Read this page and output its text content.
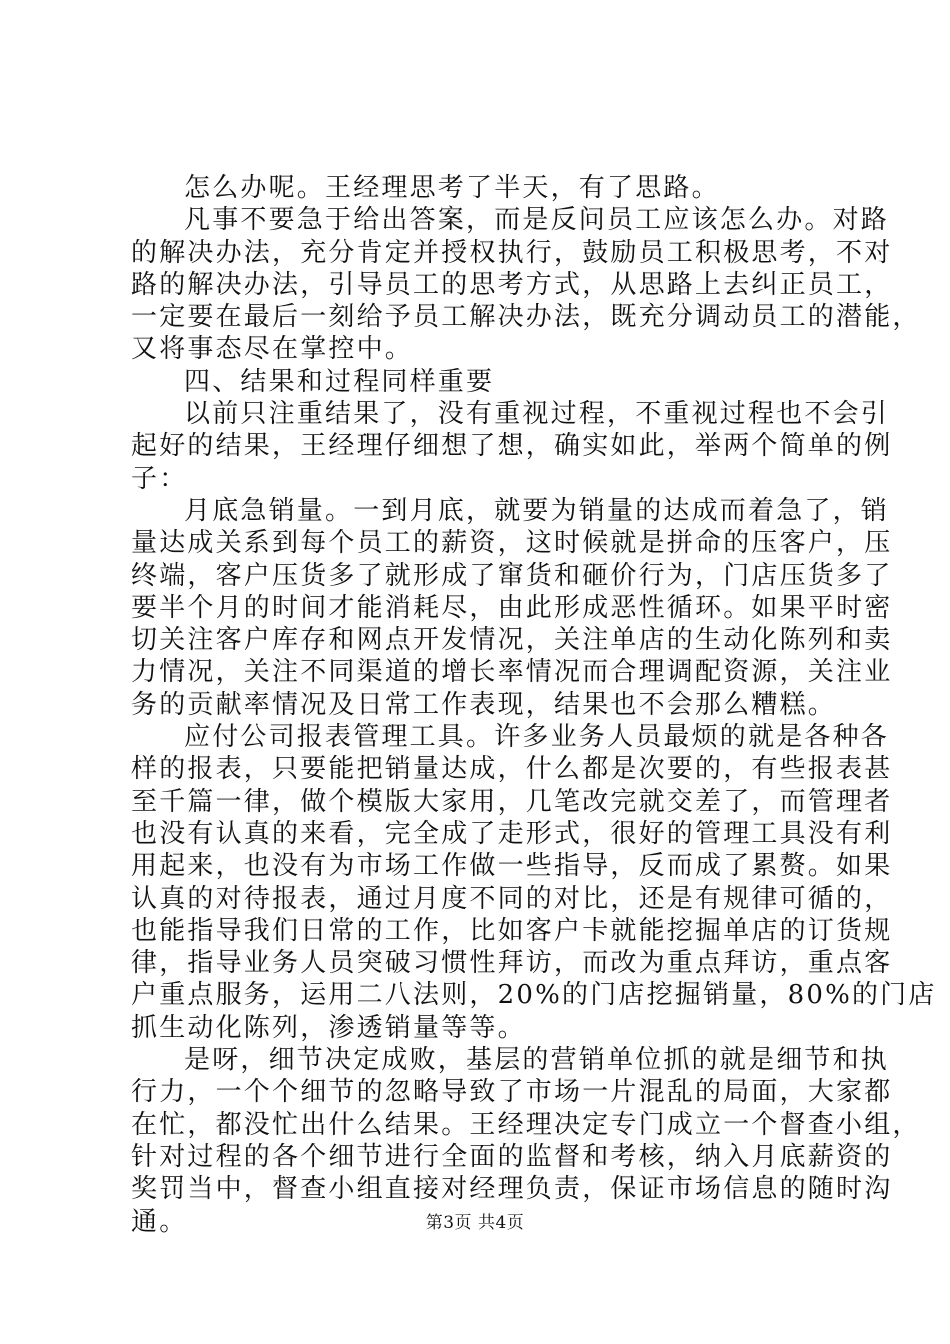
怎么办呢。王经理思考了半天，有了思路。
凡事不要急于给出答案，而是反问员工应该怎么办。对路
的解决办法，充分肯定并授权执行，鼓励员工积极思考，不对
路的解决办法，引导员工的思考方式，从思路上去纠正员工，
一定要在最后一刻给予员工解决办法，既充分调动员工的潜能，
又将事态尽在掌控中。
四、结果和过程同样重要
以前只注重结果了，没有重视过程，不重视过程也不会引
起好的结果，王经理仔细想了想，确实如此，举两个简单的例
子：
月底急销量。一到月底，就要为销量的达成而着急了，销
量达成关系到每个员工的薪资，这时候就是拼命的压客户，压
终端，客户压货多了就形成了窜货和砸价行为，门店压货多了
要半个月的时间才能消耗尽，由此形成恶性循环。如果平时密
切关注客户库存和网点开发情况，关注单店的生动化陈列和卖
力情况，关注不同渠道的增长率情况而合理调配资源，关注业
务的贡献率情况及日常工作表现，结果也不会那么糟糕。
应付公司报表管理工具。许多业务人员最烦的就是各种各
样的报表，只要能把销量达成，什么都是次要的，有些报表甚
至千篇一律，做个模版大家用，几笔改完就交差了，而管理者
也没有认真的来看，完全成了走形式，很好的管理工具没有利
用起来，也没有为市场工作做一些指导，反而成了累赘。如果
认真的对待报表，通过月度不同的对比，还是有规律可循的，
也能指导我们日常的工作，比如客户卡就能挖掘单店的订货规
律，指导业务人员突破习惯性拜访，而改为重点拜访，重点客
户重点服务，运用二八法则，20%的门店挖掘销量，80%的门店
抓生动化陈列，渗透销量等等。
是呀，细节决定成败，基层的营销单位抓的就是细节和执
行力，一个个细节的忽略导致了市场一片混乱的局面，大家都
在忙，都没忙出什么结果。王经理决定专门成立一个督查小组，
针对过程的各个细节进行全面的监督和考核，纳入月底薪资的
奖罚当中，督查小组直接对经理负责，保证市场信息的随时沟
通。	第3页 共4页
